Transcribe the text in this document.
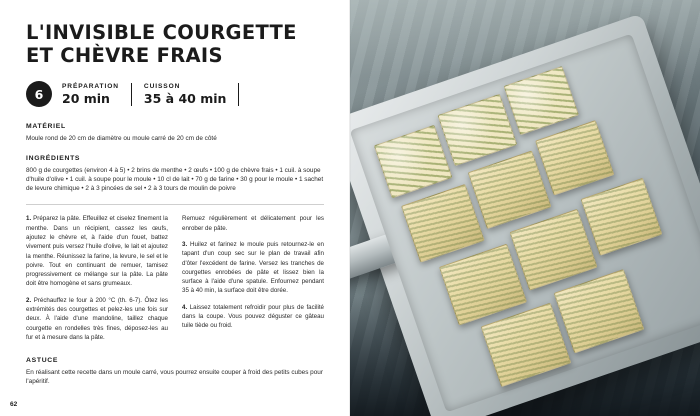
L'INVISIBLE COURGETTE
ET CHÈVRE FRAIS
6
PRÉPARATION
20 min
CUISSON
35 à 40 min
MATÉRIEL
Moule rond de 20 cm de diamètre ou moule carré de 20 cm de côté
INGRÉDIENTS
800 g de courgettes (environ 4 à 5) • 2 brins de menthe • 2 œufs • 100 g de chèvre frais • 1 cuil. à soupe d'huile d'olive • 1 cuil. à soupe pour le moule • 10 cl de lait • 70 g de farine • 30 g pour le moule • 1 sachet de levure chimique • 2 à 3 pincées de sel • 2 à 3 tours de moulin de poivre

1. Préparez la pâte. Effeuillez et ciselez finement la menthe. Dans un récipient, cassez les œufs, ajoutez le chèvre et, à l'aide d'un fouet, battez vivement puis versez l'huile d'olive, le lait et ajoutez la menthe. Réunissez la farine, la levure, le sel et le poivre. Tout en continuant de remuer, tamisez progressivement ce mélange sur la pâte. La pâte doit être homogène et sans grumeaux.

2. Préchauffez le four à 200 °C (th. 6-7). Ôtez les extrémités des courgettes et pelez-les une fois sur deux. À l'aide d'une mandoline, taillez chaque courgette en rondelles très fines, déposez-les au fur et à mesure dans la pâte.

Remuez régulièrement et délicatement pour les enrober de pâte.

3. Huilez et farinez le moule puis retournez-le en tapant d'un coup sec sur le plan de travail afin d'ôter l'excédent de farine. Versez les tranches de courgettes enrobées de pâte et lissez bien la surface à l'aide d'une spatule. Enfournez pendant 35 à 40 min, la surface doit être dorée.

4. Laissez totalement refroidir pour plus de facilité dans la coupe. Vous pouvez déguster ce gâteau tuile tiède ou froid.

ASTUCE
En réalisant cette recette dans un moule carré, vous pourrez ensuite couper à froid des petits cubes pour l'apéritif.
62
